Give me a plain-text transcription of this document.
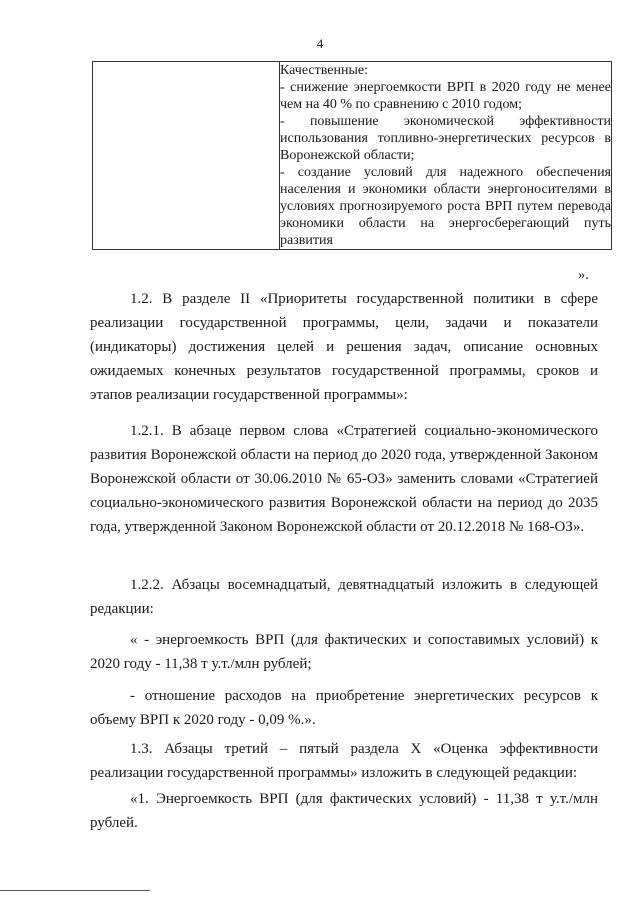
4

Качественные:
- снижение энергоемкости ВРП в 2020 году не менее чем на 40 % по сравнению с 2010 годом;
- повышение экономической эффективности использования топливно-энергетических ресурсов в Воронежской области;
- создание условий для надежного обеспечения населения и экономики области энергоносителями в условиях прогнозируемого роста ВРП путем перевода экономики области на энергосберегающий путь развития
».
1.2. В разделе II «Приоритеты государственной политики в сфере реализации государственной программы, цели, задачи и показатели (индикаторы) достижения целей и решения задач, описание основных ожидаемых конечных результатов государственной программы, сроков и этапов реализации государственной программы»:
1.2.1. В абзаце первом слова «Стратегией социально-экономического развития Воронежской области на период до 2020 года, утвержденной Законом Воронежской области от 30.06.2010 № 65-ОЗ» заменить словами «Стратегией социально-экономического развития Воронежской области на период до 2035 года, утвержденной Законом Воронежской области от 20.12.2018 № 168-ОЗ».
1.2.2. Абзацы восемнадцатый, девятнадцатый изложить в следующей редакции:
« - энергоемкость ВРП (для фактических и сопоставимых условий) к 2020 году - 11,38 т у.т./млн рублей;
- отношение расходов на приобретение энергетических ресурсов к объему ВРП к 2020 году - 0,09 %.».
1.3. Абзацы третий – пятый раздела X «Оценка эффективности реализации государственной программы» изложить в следующей редакции:
«1. Энергоемкость ВРП (для фактических условий) - 11,38 т у.т./млн рублей.
